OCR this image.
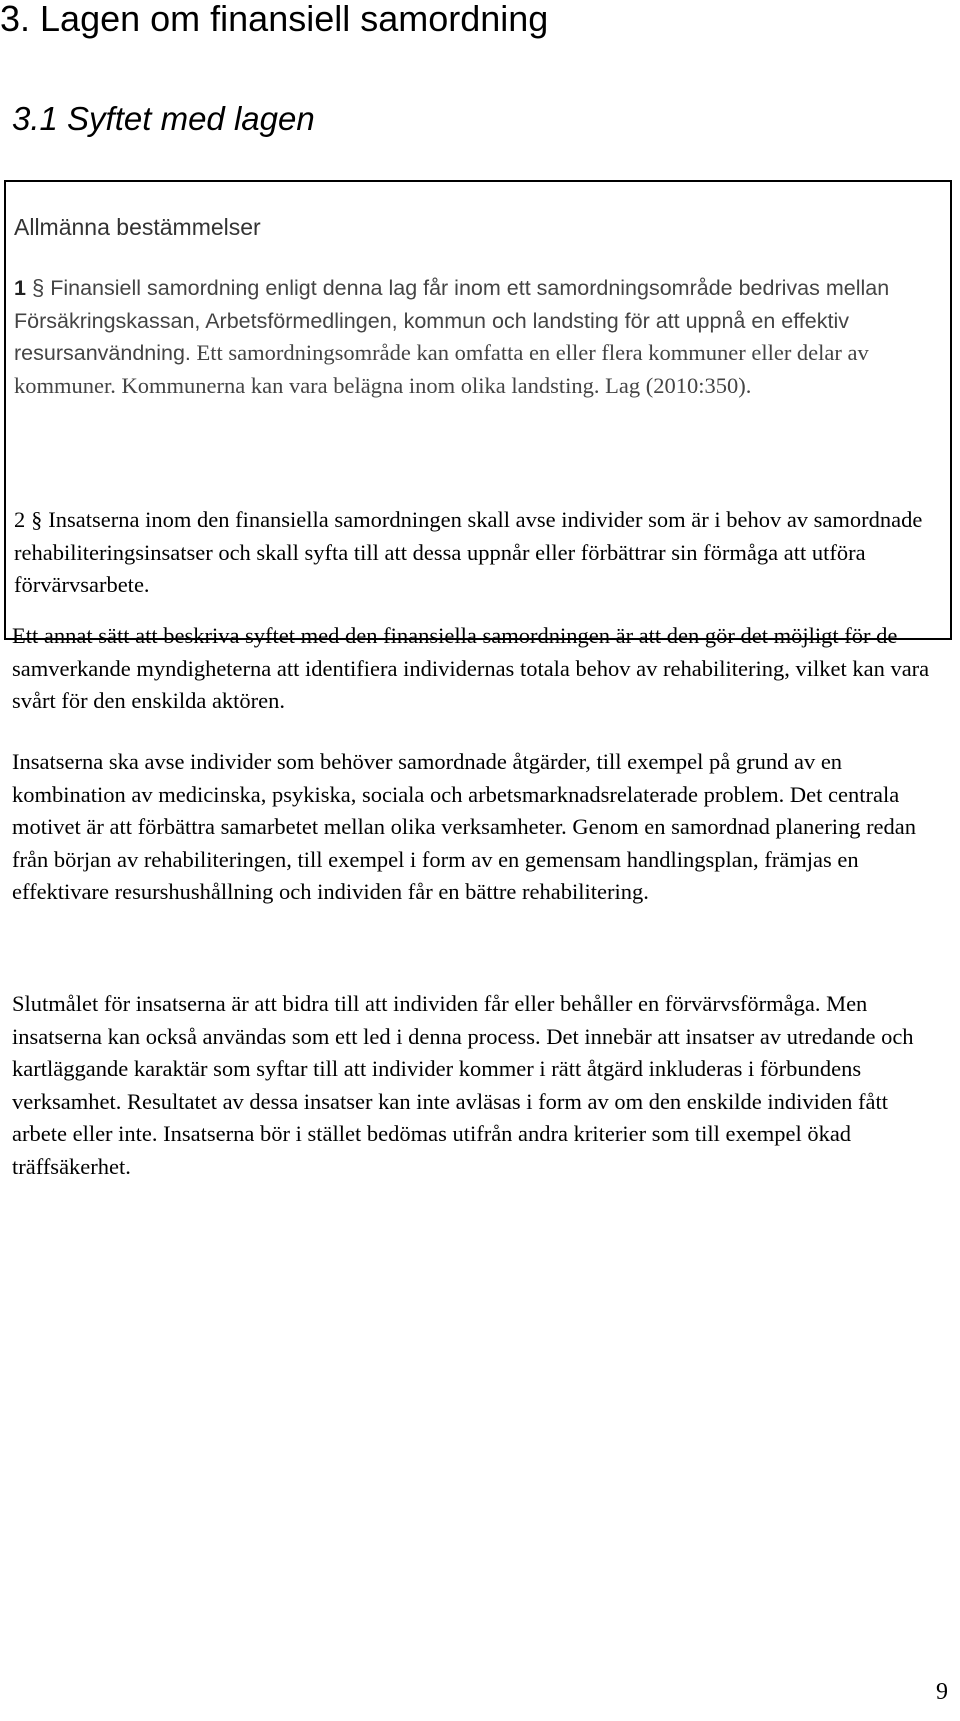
3. Lagen om finansiell samordning
3.1 Syftet med lagen
Allmänna bestämmelser
1 § Finansiell samordning enligt denna lag får inom ett samordningsområde bedrivas mellan Försäkringskassan, Arbetsförmedlingen, kommun och landsting för att uppnå en effektiv resursanvändning. Ett samordningsområde kan omfatta en eller flera kommuner eller delar av kommuner. Kommunerna kan vara belägna inom olika landsting. Lag (2010:350).
2 § Insatserna inom den finansiella samordningen skall avse individer som är i behov av samordnade rehabiliteringsinsatser och skall syfta till att dessa uppnår eller förbättrar sin förmåga att utföra förvärvsarbete.

Ett annat sätt att beskriva syftet med den finansiella samordningen är att den gör det möjligt för de samverkande myndigheterna att identifiera individernas totala behov av rehabilitering, vilket kan vara svårt för den enskilda aktören.

Insatserna ska avse individer som behöver samordnade åtgärder, till exempel på grund av en kombination av medicinska, psykiska, sociala och arbetsmarknadsrelaterade problem. Det centrala motivet är att förbättra samarbetet mellan olika verksamheter. Genom en samordnad planering redan från början av rehabiliteringen, till exempel i form av en gemensam handlingsplan, främjas en effektivare resurshushållning och individen får en bättre rehabilitering.

Slutmålet för insatserna är att bidra till att individen får eller behåller en förvärvsförmåga. Men insatserna kan också användas som ett led i denna process. Det innebär att insatser av utredande och kartläggande karaktär som syftar till att individer kommer i rätt åtgärd inkluderas i förbundens verksamhet. Resultatet av dessa insatser kan inte avläsas i form av om den enskilde individen fått arbete eller inte. Insatserna bör i stället bedömas utifrån andra kriterier som till exempel ökad träffsäkerhet.

9
